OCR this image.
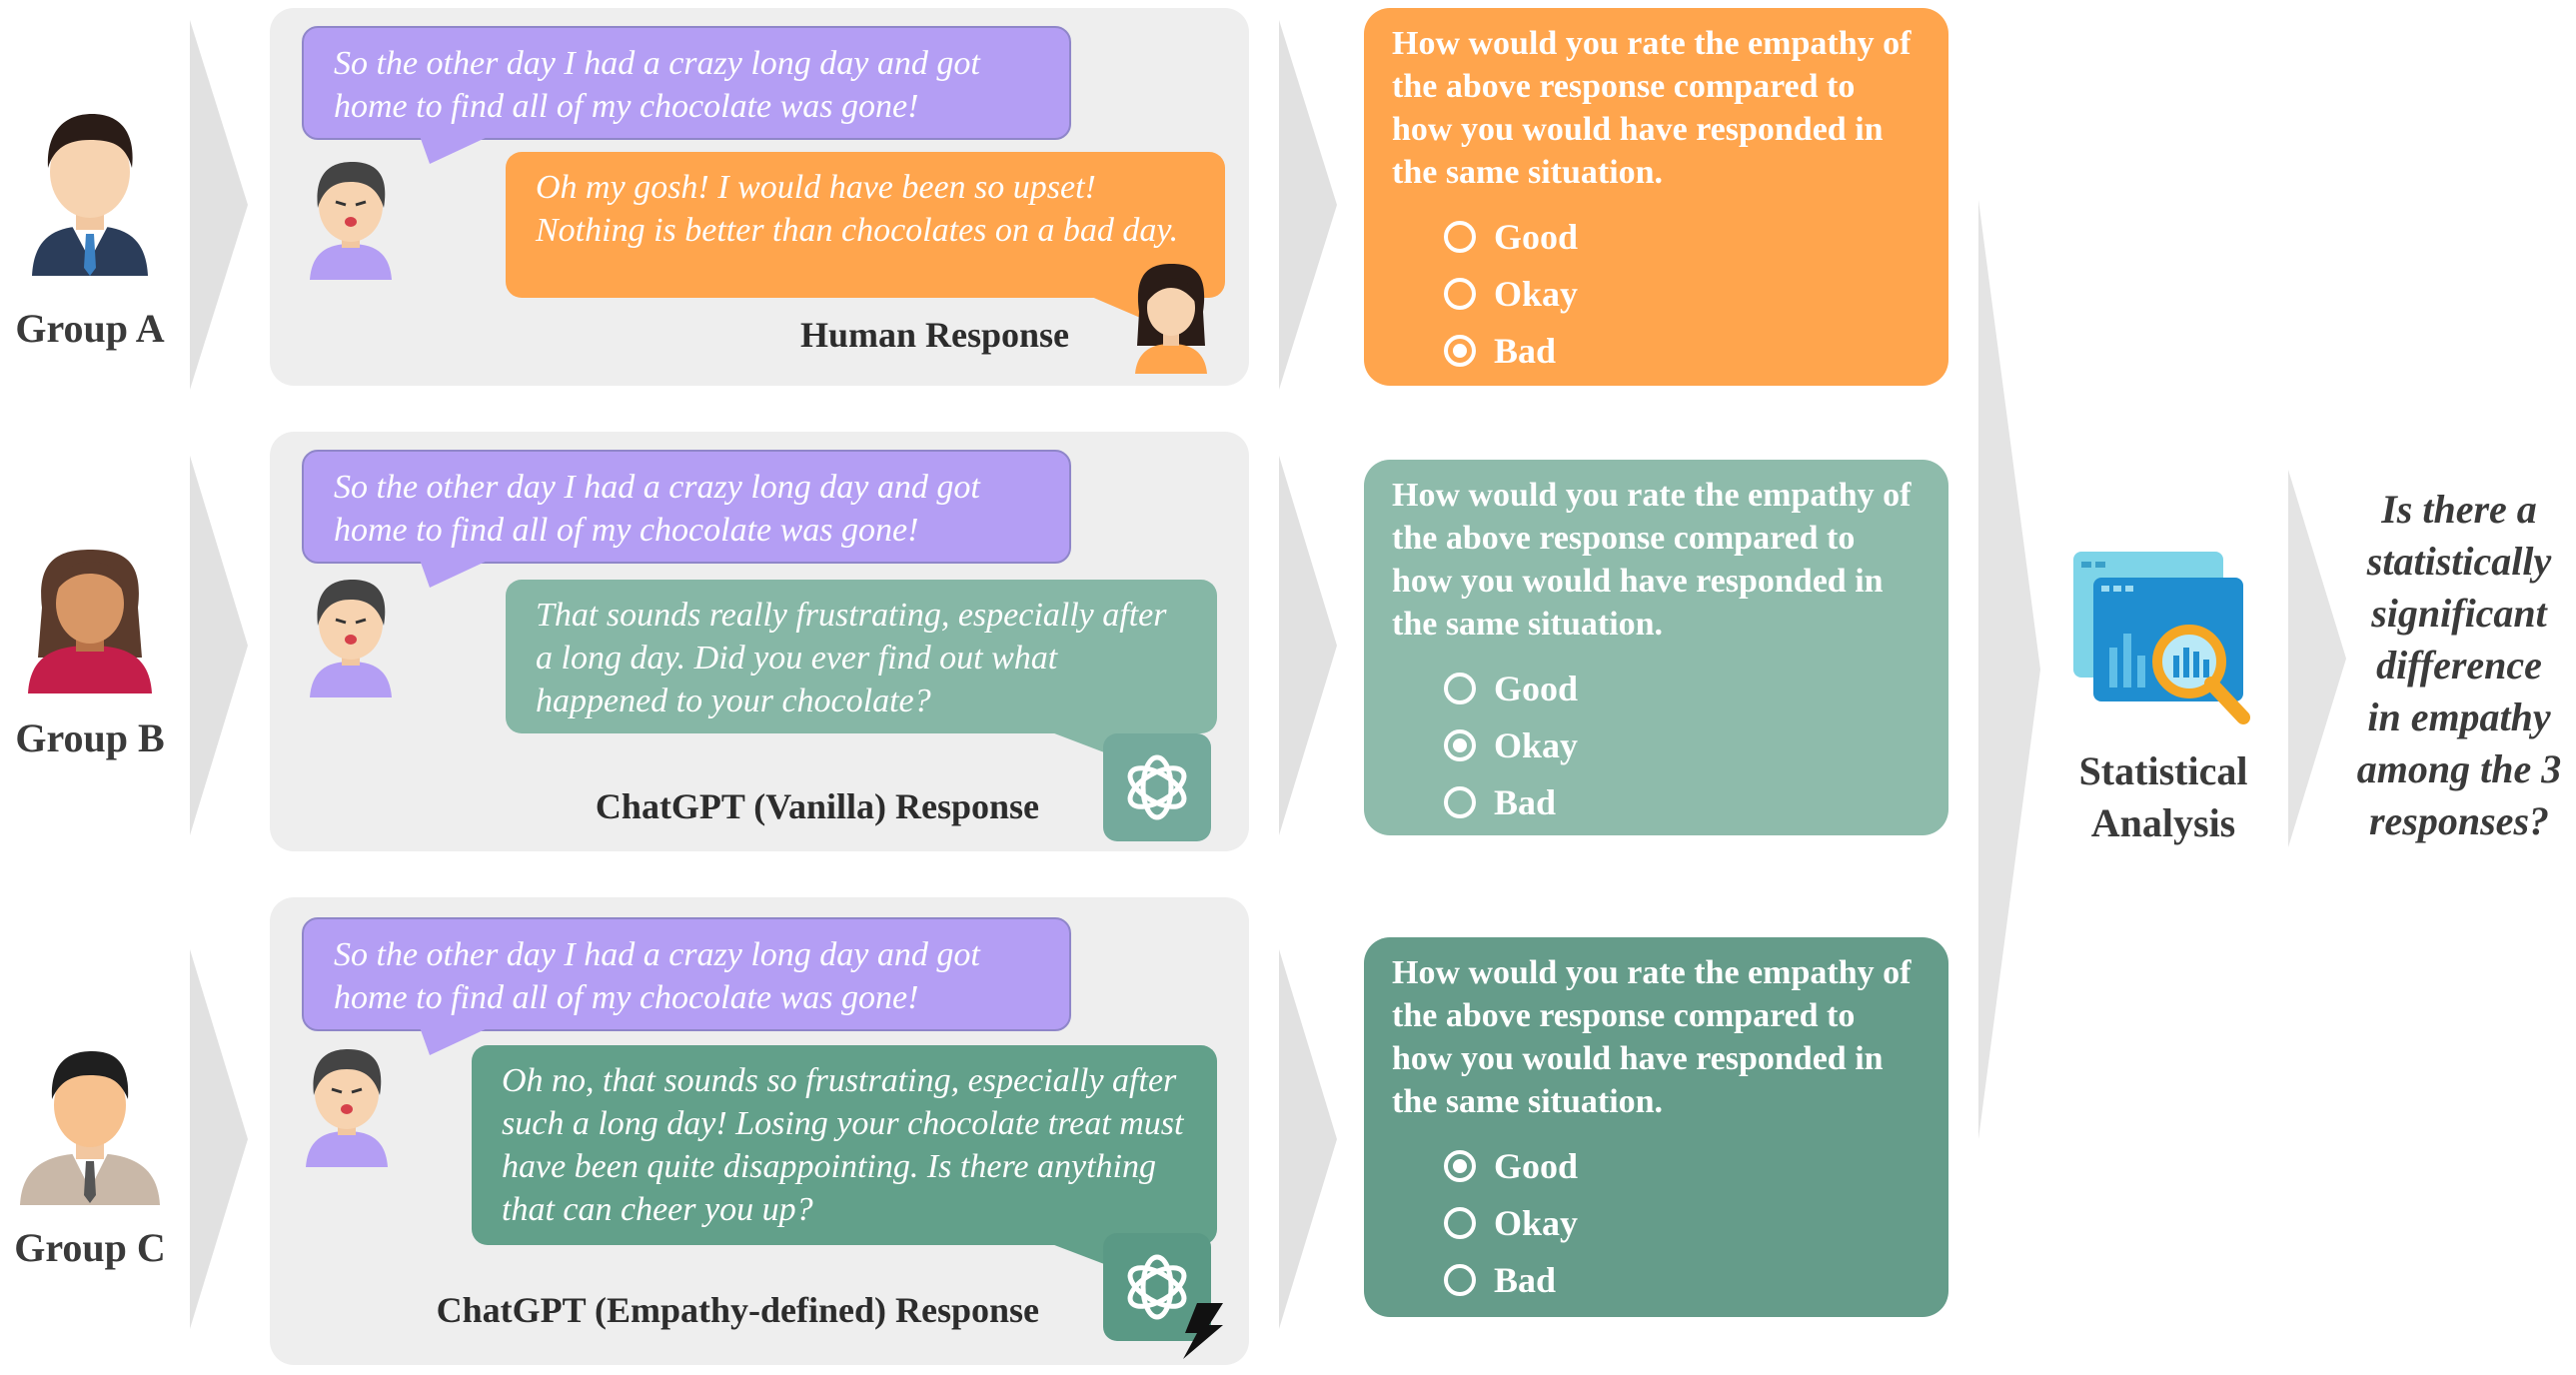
Group A
So the other day I had a crazy long day and got home to find all of my chocolate was gone!
Oh my gosh! I would have been so upset! Nothing is better than chocolates on a bad day.
Human Response
Group B
So the other day I had a crazy long day and got home to find all of my chocolate was gone!
That sounds really frustrating, especially after a long day. Did you ever find out what happened to your chocolate?
ChatGPT (Vanilla) Response
Group C
So the other day I had a crazy long day and got home to find all of my chocolate was gone!
Oh no, that sounds so frustrating, especially after such a long day! Losing your chocolate treat must have been quite disappointing. Is there anything that can cheer you up?
ChatGPT (Empathy-defined) Response
How would you rate the empathy of the above response compared to how you would have responded in the same situation.
Good
Okay
Bad
How would you rate the empathy of the above response compared to how you would have responded in the same situation.
Good
Okay
Bad
How would you rate the empathy of the above response compared to how you would have responded in the same situation.
Good
Okay
Bad
Statistical
Analysis
Is there a
statistically
significant
difference
in empathy
among the 3
responses?
